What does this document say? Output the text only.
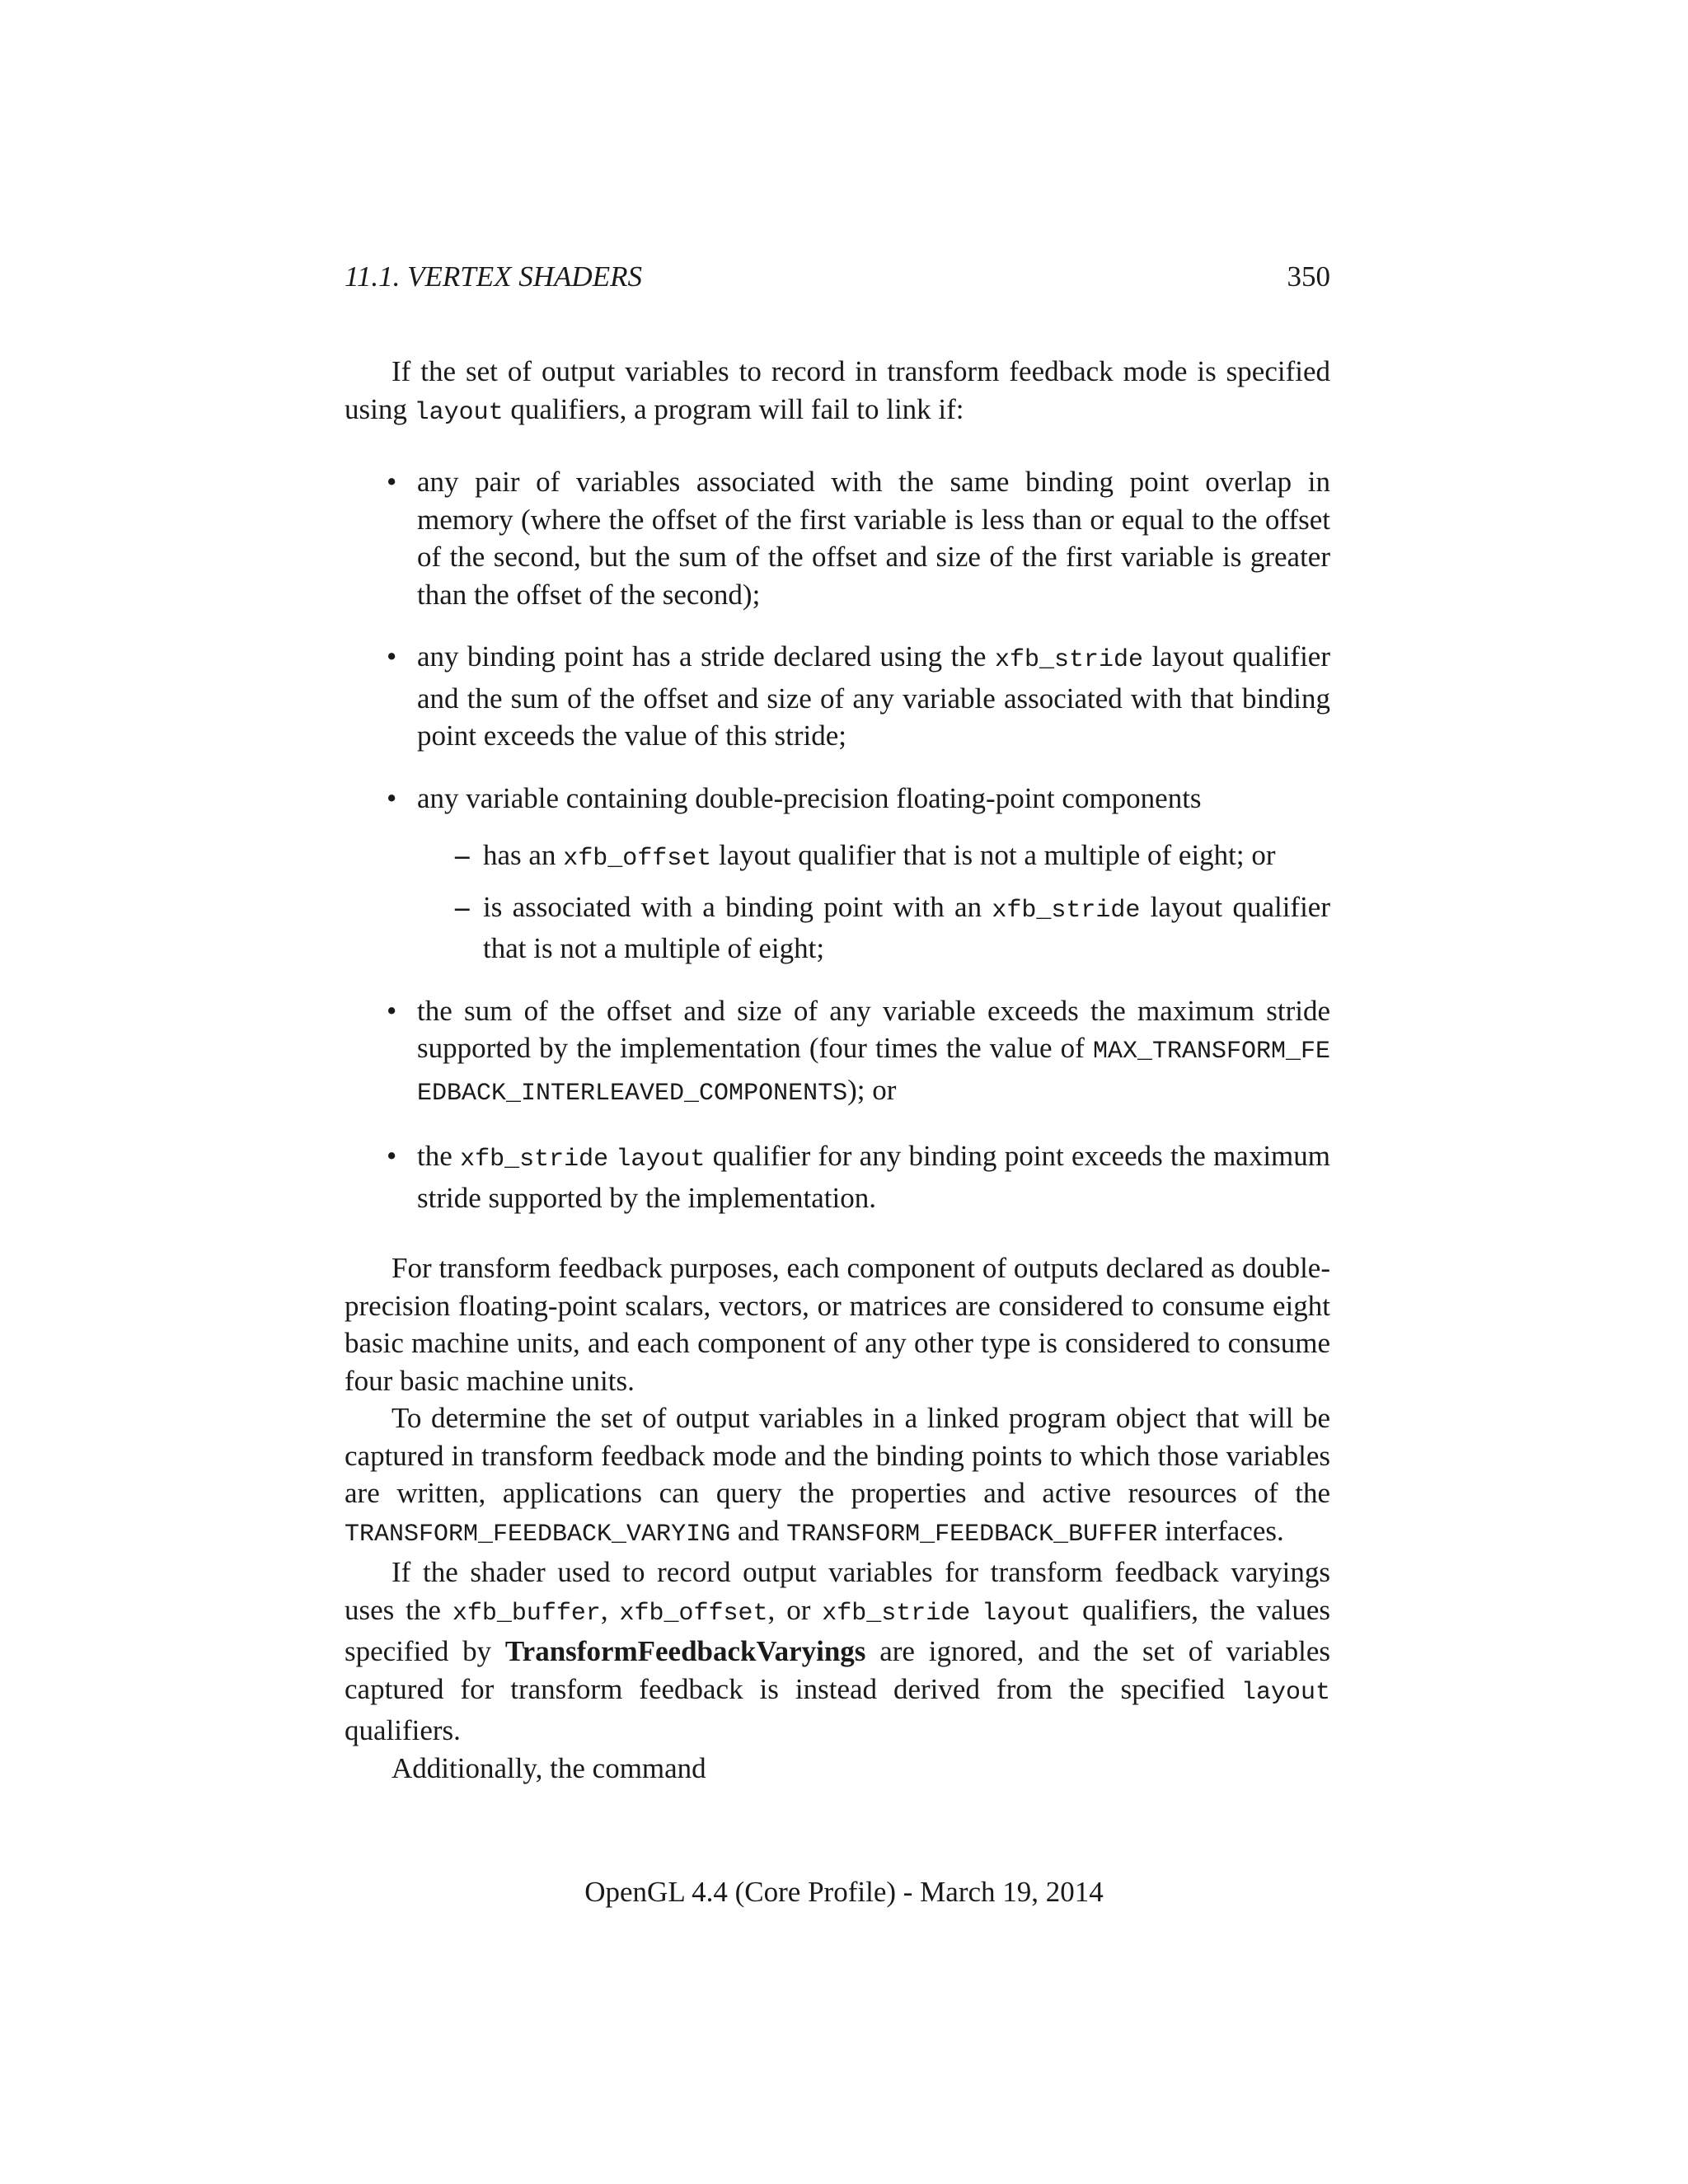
11.1. VERTEX SHADERS	350

If the set of output variables to record in transform feedback mode is specified using layout qualifiers, a program will fail to link if:

• any pair of variables associated with the same binding point overlap in memory (where the offset of the first variable is less than or equal to the offset of the second, but the sum of the offset and size of the first variable is greater than the offset of the second);
• any binding point has a stride declared using the xfb_stride layout qualifier and the sum of the offset and size of any variable associated with that binding point exceeds the value of this stride;
• any variable containing double-precision floating-point components
– has an xfb_offset layout qualifier that is not a multiple of eight; or
– is associated with a binding point with an xfb_stride layout qualifier that is not a multiple of eight;
• the sum of the offset and size of any variable exceeds the maximum stride supported by the implementation (four times the value of MAX_TRANSFORM_FEEDBACK_INTERLEAVED_COMPONENTS); or
• the xfb_stride layout qualifier for any binding point exceeds the maximum stride supported by the implementation.

For transform feedback purposes, each component of outputs declared as double-precision floating-point scalars, vectors, or matrices are considered to consume eight basic machine units, and each component of any other type is considered to consume four basic machine units.

To determine the set of output variables in a linked program object that will be captured in transform feedback mode and the binding points to which those variables are written, applications can query the properties and active resources of the TRANSFORM_FEEDBACK_VARYING and TRANSFORM_FEEDBACK_BUFFER interfaces.

If the shader used to record output variables for transform feedback varyings uses the xfb_buffer, xfb_offset, or xfb_stride layout qualifiers, the values specified by TransformFeedbackVaryings are ignored, and the set of variables captured for transform feedback is instead derived from the specified layout qualifiers.

Additionally, the command

OpenGL 4.4 (Core Profile) - March 19, 2014
